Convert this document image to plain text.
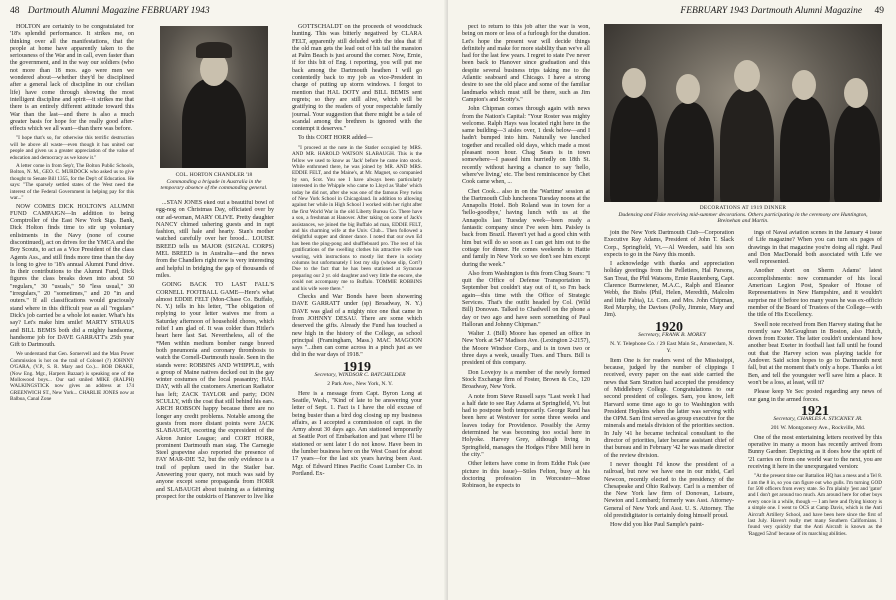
48 Dartmouth Alumni Magazine FEBRUARY 1943

HOLTON are certainly to be congratulated for '18's splendid performance. It strikes me, on thinking over all the manifestations, that the people at home have apparently taken to the seriousness of the War and in call, even faster than the government, and in the way our soldiers (who not more than 18 mos. ago were men we wondered about—whether they'd be disciplined after a general lack of discipline in our civilian life) have come through showing the most intelligent discipline and spirit—it strikes me that there is an entirely different attitude toward this War than the last—and there is also a much greater basis for hope for the really good after-effects which we all want—than there was before.

"I hope that's so, for otherwise this terrific destruction will be above all waste—even though it has united our people and given us a greater appreciation of the value of education and democracy as we know it."

A letter come in from Sep'r, The Bolton Public Schools, Bolton, N. M., GEO. C. MURDOCK who asked us to give thought to Senate Bill 1355, for the Dep't of Education. He says: "The sparsely settled states of the West need the interest of the Federal Government in helping pay for this war..."

NOW COMES DICK HOLTON'S ALUMNI FUND CAMPAIGN—In addition to being Comptroller of the East New York Sigs. Bank, Dick Holton finds time to stir up voluntary enlistments in the Navy (none of course discontinued), act on drives for the YMCA and the Boy Scouts, to act as a Vice President of the class Agents Ass., and still finds more time than the day is long to give to '18's annual Alumni Fund drive. In their contributions to the Alumni Fund, Dick figures the class breaks down into about 50 "regulars," 30 "usuals," 50 "less usual," 30 "irregulars," 20 "sometimes," and 20 "in and outers." If all classifications would graciously stand where in this difficult year as all "regulars" Dick's job carried be a whole lot easier. What's his say? Let's make him smile! MARTY STRAUS and BILL BEMIS both did a mighty handsome, handsome job for DAVE GARRATT's 25th year Gift to Dartmouth.

We understand that Gen. Somervell and the Man Power Commission is hot on the trail of Colonel (?) JOHNNY O'GARA, (V.P., S. R. Mary and Co.)... BOB DRAKE, (Now Eng. Mgr., Harpers Bazaar) is speaking one of the Mollowood boys... Our sad smiled MIKE (RALPH) WALKINGSTICK now gives an address at 174 GREENWICH ST., New York... CHARLIE JONES now at Balboa, Canal Zone

COL. HORTON CHANDLER '18
Commanding a brigade in Australia in the temporary absence of the commanding general.

...STAN JONES eked out a beautiful bowl of egg-nog on Christmas Day, officiated over by our ad-woman, MARY OLIVE. Pretty daughter NANCY chimed ushering guests and in rapt fashion, still hale and hearty. Stan's mother watched carefully over her brood... LOUISE BREED tells us MAJOR (SIGNAL CORPS) MEL BREED is in Australia—and the news from the Chandlers right now is very interesting and helpful in bridging the gap of thousands of miles.

GOING BACK TO LAST FALL'S CORNELL FOOTBALL GAME—Here's what almost EDDIE FELT (Mon-Chase Co. Buffalo, N. Y.) tells in his letter, "The obligation of replying to your letter waives me from a Saturday afternoon of household chores, which relief I am glad of. It was colder than Hitler's heart here last Sat. Nevertheless, all of the *Men within medium bomber range braved both pneumonia and coronary thrombosis to watch the Cornell-Dartmouth tussle. Seen in the stands were: ROBBINS AND WHIPPLE, with a group of Maine natives decked out in the gay winter costumes of the local peasantry; HAL DAY, with all the customers American Radiator has left; ZACK TAYLOR and party; DON SCULLY, with the coat that still behind his ears. ARCH ROBSON happy because there are no longer any credit problems. Notable among the guests from more distant points were JACK SLABAUGH, escorting the expresident of the Akron Junior League; and CORT HORR, prominent Dartmouth man stag. The Carnegie Steel grapevine also reported the presence of FAY MAR-DIE '52, but the only evidence is a trail of peplum used in the Statler bar. Answering your query, not much was said by anyone except some propaganda from HORR and SLABAUGH about training as a fattening prospect for the outskirts of Hanover to live like

GOTTSCHALDT on the proceeds of woodchuck hunting. This was bitterly negatived by CLARA FELT, apparently still deluded with the idea that if the old man gets the lead out of his tail the mansion at Palm Beach is just around the corner. Now, Ernie, if for this bit of Eng. i reporting, you will put me back among the Dartmouth heathen I will go contentedly back to my job as vice-President in charge of putting up storm windows. I forgot to mention that HAL DOTY and BILL BEMIS sent regrets; so they are still alive, which will be gratifying to the readers of your respectable family journal. Your suggestion that there might be a tale of scandal among the brethren is ignored with the contempt it deserves."

To this CORT HORR added—

"I proceed at the note in the Statler occupied by MRS. AND MR. HAROLD WATSON SLABAUGH. This is the fellow we used to know as 'Jack' before he came into stock. While enthroned there, he was joined by MR. AND MRS. EDDIE FELT, and the Maine's, at Mr. Magnet, so companied by son, Scot. You see I have always been particularly interested in the Whipple who came to Lloyd as 'Babe' which today he did not, after she was one of the famous Frey twins of New York School in Chicagoland. In addition to allowing against her while in High School I worked with her right after the first World War in the old Liberty Bureau Co. There have a son, a freshman at Hanover. After taking on some of Jack's assistances, we joined the big Buffalo ad man, EDDIE FELT, and his charming wife at the Univ. Club... Then followed a delightful supper and dinner dance. I noted that our own Ed has been the ping-pong and shuffleboard pro. The rest of his gratifications of the swelling clothes his attractive wife was wearing, with instructions to mostly list there in society columns but unfortunately I lost my slip (whose slip, Cort?) Due to the fact that he has been stationed at Syracuse preparing our 2 yr. old daughter and very little the encore, she could not accompany me to Buffalo. TOMMIE ROBBINS and his wife were there."

Checks and War Bonds have been showering DAVE GARRATT under (sp) Broadway, N. Y.) DAVE was glad of a mighty nice one that came in from JOHNNY DESAU. There are some which deserved the gifts. Already the Fund has touched a new high in the history of the College, as school principal (Framingham, Mass.) MAC MAGOON says "...then can come across in a pinch just as we did in the war days of 1918."

1919

Secretary, WINDSOR C. BATCHELDER

2 Park Ave., New York, N. Y.

Here is a message from Capt. Byron Long at Seattle, Wash., "Kind of late to be answering your letter of Sept. 1. Fact is I have the old excuse of being busier than a bird dog closing up my business affairs, as I accepted a commission of capt. in the Army about 30 days ago. Am stationed temporarily at Seattle Port of Embarkation and just where I'll be stationed or sent later I do not know. Have been in the lumber business here on the West Coast for about 17 years—for the last six years having been Asst. Mgr. of Edward Hines Pacific Coast Lumber Co. in Portland. Ex-

FEBRUARY 1943 Dartmouth Alumni Magazine 49

pect to return to this job after the war is won, being on more or less of a furlough for the duration. Let's hope the present war will decide things definitely and make for more stability than we've all had for the last few years. I regret to state I've never been back to Hanover since graduation and this despite several business trips taking me to the Atlantic seaboard and Chicago. I have a strong desire to see the old place and some of the familiar landmarks which must still be there, such as Jim Campion's and Scotty's."

John Chipman comes through again with news from the Nation's Capital: "Your Roster was mighty welcome. Ralph Hays was located right here in the same building—3 aisles over, 1 desk below—and I hadn't bumped into him. Naturally we lunched together and recalled old days, which made a most pleasant noon hour. Chag Sears is in town somewhere—I passed him hurriedly on 18th St. recently without having a chance to say 'hello, where've living,' etc. The best reminiscence by Chet Cook came when, ...

Chet Cook... also in on the 'Wartime' session at the Dartmouth Club luncheons Tuesday noons at the Annapolis Hotel. Bob Roland was in town for a 'hello-goodbye,' having lunch with us at the Annapolis last Tuesday week—been ready a fantastic company since I've seen him. Paisley is back from Brazil. Haven't yet had a good chin with him but will do so soon as I can get him out to the cottage for dinner. He comes weekends to Hattie and family in New York so we don't see him except during the week."

Also from Washington is this from Chug Sears: "I quit the Office of Defense Transportation in September but couldn't stay out of it, so I'm back again—this time with the Office of Strategic Services. That's the outfit headed by Col. (Wild Bill) Donovan. Talked to Chadwell on the phone a day or two ago and have seen something of Paul Halloran and Johnny Chipman."

Walter J. (Bill) Moore has opened an office in New York at 547 Madison Ave. (Lexington 2-2157), the Moore Windsor Corp., and is in town two or three days a week, usually Tues. and Thurs. Bill is president of this company.

Don Lovejoy is a member of the newly formed Stock Exchange firm of Foster, Brown & Co., 120 Broadway, New York.

A note from Steve Russell says "Last week I had a half date to see Ray Adams at Springfield, Vt. but had to postpone both temporarily. George Rand has been here at Westover for some three weeks and leaves today for Providence. Possibly the Army determined he was becoming too social here in Holyoke. Harvey Grey, although living in Springfield, manages the Hodges Fibre Mill here in the city."

Other letters have come in from Eddie Fisk (see picture in this issue)—Stiles Felton, busy at his doctoring profession in Worcester—Mose Robinson, he expects to

DECORATIONS AT 1919 DINNER
Dudensing and Fiske receiving mid-summer decorations. Others participating in the ceremony are Huntington, Breinehan and Martin.

join the New York Dartmouth Club—Corporation Executive Ray Adams, President of John T. Slack Corp., Springfield, Vt.—Al Weeden, said his son expects to go in the Navy this month.

I acknowledge with thanks and appreciation holiday greetings from the Pelletiers, Hal Parsons, San Treat, the Phil Watsons, Ernie Rautenberg, Capt. Clarence Burnwiener, M.A.C., Ralph and Eleanor Webb, the Bisbs (Phil, Helen, Meredith, Malcolm and little Fabia), Lt. Com. and Mrs. John Chipman, Red Murphy, the Davises (Polly, Jimmie, Mary and Jim).

1920

Secretary, FRANK B. MOREY

N. Y. Telephone Co. / 29 East Main St., Amsterdam, N. Y.

Item One is for readers west of the Mississippi, because, judged by the number of clippings I received, every paper on the east side carried the news that Sam Stratton had accepted the presidency of Middlebury College. Congratulations to our second president of colleges. Sam, you know, left Harvard some time ago to go to Washington with President Hopkins when the latter was serving with the OPM. Sam first served as group executive for the minerals and metals division of the priorities section. In July '41 he became technical consultant to the director of priorities, later became assistant chief of that bureau and in February '42 he was made director of the review division.

I never thought I'd know the president of a railroad, but now we have one in our midst, Carl Newcon, recently elected to the presidency of the Chesapeake and Ohio Railway. Carl is a member of the New York law firm of Donovan, Leisure, Newton and Lombard; formerly was Asst. Attorney-General of New York and Asst. U. S. Attorney. The old prestidigitator is certainly doing himself proud.

How did you like Paul Sample's paint-

ings of Naval aviation scenes in the January 4 issue of Life magazine? When you can turn six pages of drawings in that magazine you're doing all right. Paul and Don MacDonald both associated with Life we well represented.

Another short on Sherm Adams' latest accomplishments: now commander of his local American Legion Post, Speaker of House of Representatives in New Hampshire, and it wouldn't surprise me if before too many years he was ex-officio member of the Board of Trustees of the College—with the title of His Excellency.

Swell note received from Ben Harvey stating that he recently saw McGoughran in Boston, also Hutch, down from Exeter. The latter couldn't understand how another beat Exeter in football last fall until he found out that the Harvey scion was playing tackle for Andover. Said scion hopes to go to Dartmouth next fall, but at the moment that's only a hope. Thanks a lot Ben, and tell the youngster we'll save him a place. It won't be a loss, at least, will it?

Please keep Ye Sec posted regarding any news of our gang in the armed forces.

1921

Secretary, CHARLES A. STICKNEY JR.

201 W. Montgomery Ave., Rockville, Md.

One of the most entertaining letters received by this operative in many a moon has recently arrived from Bunny Gardner. Depicting as it does how the spirit of '21 carries on from one world war to the next, you are receiving it here in the unexpurgated version:

"At the present time our Battalion HQ has a mess and a Tel 8. I am the 8 in, so you can figure out who gulls. I'm turning GOD for 500 officers from every state. So I'm plainly 'jest and 'gator' and I don't get around too much. Am around here for other boys every once in a while, though — I am here and flying history is a simple one. I went to OCS at Camp Davis, which is the Anti Aircraft Artillery School, and have been here since the first of last July. Haven't really met many Southern Californians. I found very quickly that the Anti Aircraft is known as the 'Ragged 52nd' because of its marching abilities.
